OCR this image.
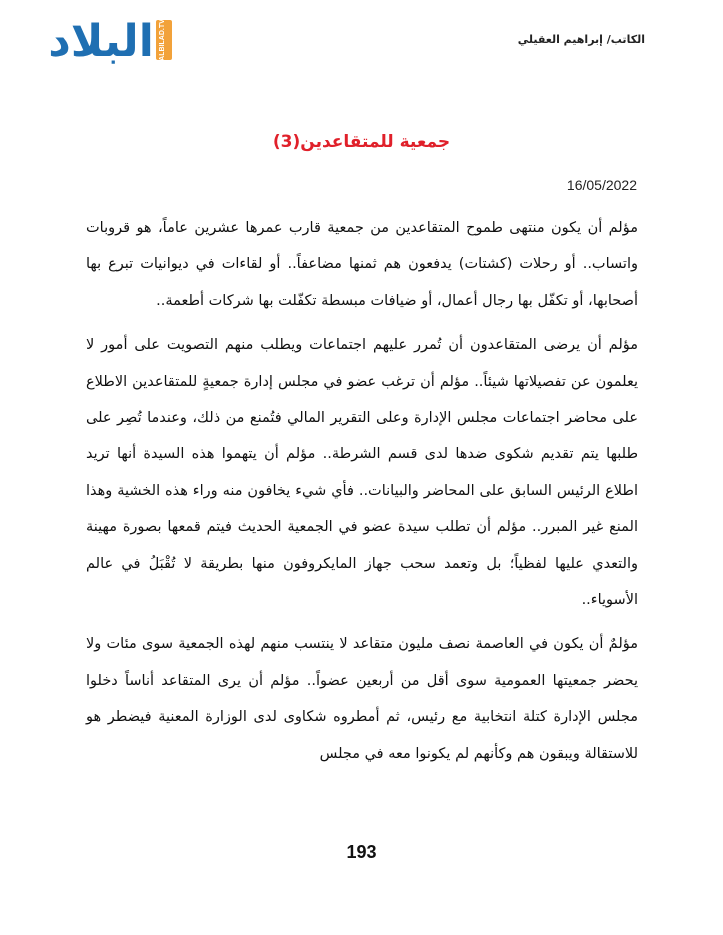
ALBILAD.TV
البلاد	الكاتب/ إبراهيم العقيلي
جمعية للمتقاعدين(3)
16/05/2022

مؤلم أن يكون منتهى طموح المتقاعدين من جمعية قارب عمرها عشرين عاماً، هو قروبات واتساب.. أو رحلات (كشتات) يدفعون هم ثمنها مضاعفاً.. أو لقاءات في ديوانيات تبرع بها أصحابها، أو تكفّل بها رجال أعمال، أو ضيافات مبسطة تكفّلت بها شركات أطعمة..

مؤلم أن يرضى المتقاعدون أن تُمرر عليهم اجتماعات ويطلب منهم التصويت على أمور لا يعلمون عن تفصيلاتها شيئاً.. مؤلم أن ترغب عضو في مجلس إدارة جمعيةٍ للمتقاعدين الاطلاع على محاضر اجتماعات مجلس الإدارة وعلى التقرير المالي فتُمنع من ذلك، وعندما تُصِر على طلبها يتم تقديم شكوى ضدها لدى قسم الشرطة.. مؤلم أن يتهموا هذه السيدة أنها تريد اطلاع الرئيس السابق على المحاضر والبيانات.. فأي شيء يخافون منه وراء هذه الخشية وهذا المنع غير المبرر.. مؤلم أن تطلب سيدة عضو في الجمعية الحديث فيتم قمعها بصورة مهينة والتعدي عليها لفظياً؛ بل وتعمد سحب جهاز المايكروفون منها بطريقة لا تُقْبَلُ في عالم الأسوياء..

مؤلمٌ أن يكون في العاصمة نصف مليون متقاعد لا ينتسب منهم لهذه الجمعية سوى مئات ولا يحضر جمعيتها العمومية سوى أقل من أربعين عضواً.. مؤلم أن يرى المتقاعد أناساً دخلوا مجلس الإدارة كتلة انتخابية مع رئيس، ثم أمطروه شكاوى لدى الوزارة المعنية فيضطر هو للاستقالة ويبقون هم وكأنهم لم يكونوا معه في مجلس

193
